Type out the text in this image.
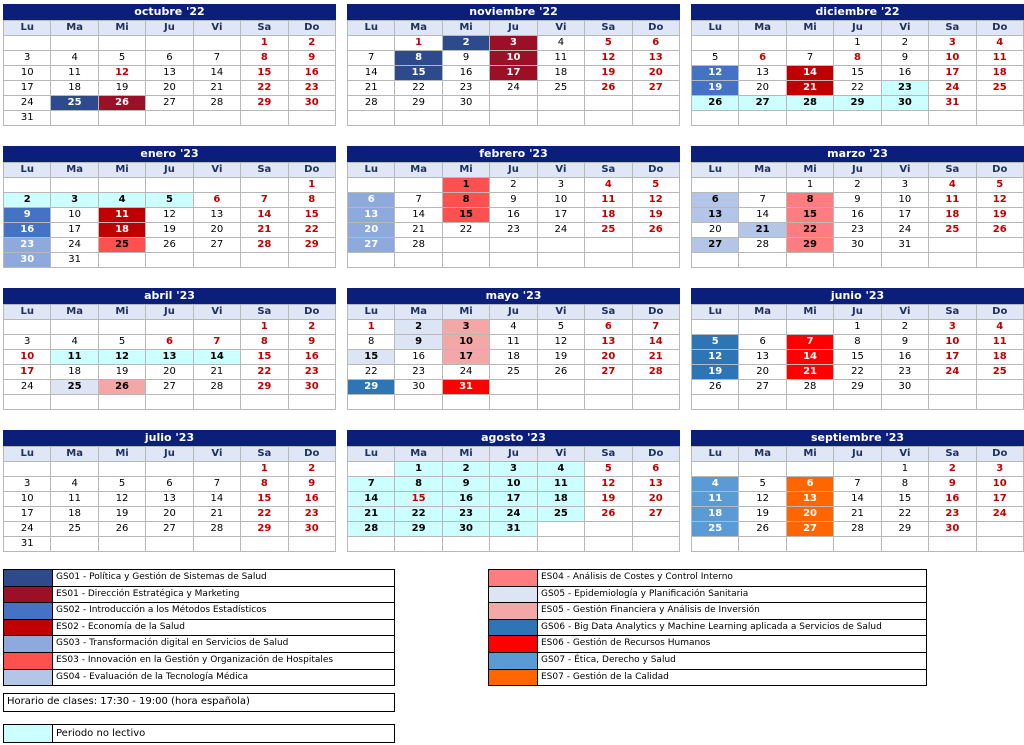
octubre '22
Lu	Ma	Mi	Ju	Vi	Sa	Do
					1	2
3	4	5	6	7	8	9
10	11	12	13	14	15	16
17	18	19	20	21	22	23
24	25	26	27	28	29	30
31						
noviembre '22
Lu	Ma	Mi	Ju	Vi	Sa	Do
	1	2	3	4	5	6
7	8	9	10	11	12	13
14	15	16	17	18	19	20
21	22	23	24	25	26	27
28	29	30				

diciembre '22
Lu	Ma	Mi	Ju	Vi	Sa	Do
			1	2	3	4
5	6	7	8	9	10	11
12	13	14	15	16	17	18
19	20	21	22	23	24	25
26	27	28	29	30	31	

enero '23
Lu	Ma	Mi	Ju	Vi	Sa	Do
						1
2	3	4	5	6	7	8
9	10	11	12	13	14	15
16	17	18	19	20	21	22
23	24	25	26	27	28	29
30	31					
febrero '23
Lu	Ma	Mi	Ju	Vi	Sa	Do
		1	2	3	4	5
6	7	8	9	10	11	12
13	14	15	16	17	18	19
20	21	22	23	24	25	26
27	28					

marzo '23
Lu	Ma	Mi	Ju	Vi	Sa	Do
		1	2	3	4	5
6	7	8	9	10	11	12
13	14	15	16	17	18	19
20	21	22	23	24	25	26
27	28	29	30	31		

abril '23
Lu	Ma	Mi	Ju	Vi	Sa	Do
					1	2
3	4	5	6	7	8	9
10	11	12	13	14	15	16
17	18	19	20	21	22	23
24	25	26	27	28	29	30

mayo '23
Lu	Ma	Mi	Ju	Vi	Sa	Do
1	2	3	4	5	6	7
8	9	10	11	12	13	14
15	16	17	18	19	20	21
22	23	24	25	26	27	28
29	30	31				

junio '23
Lu	Ma	Mi	Ju	Vi	Sa	Do
			1	2	3	4
5	6	7	8	9	10	11
12	13	14	15	16	17	18
19	20	21	22	23	24	25
26	27	28	29	30		

julio '23
Lu	Ma	Mi	Ju	Vi	Sa	Do
					1	2
3	4	5	6	7	8	9
10	11	12	13	14	15	16
17	18	19	20	21	22	23
24	25	26	27	28	29	30
31						
agosto '23
Lu	Ma	Mi	Ju	Vi	Sa	Do
	1	2	3	4	5	6
7	8	9	10	11	12	13
14	15	16	17	18	19	20
21	22	23	24	25	26	27
28	29	30	31			

septiembre '23
Lu	Ma	Mi	Ju	Vi	Sa	Do
				1	2	3
4	5	6	7	8	9	10
11	12	13	14	15	16	17
18	19	20	21	22	23	24
25	26	27	28	29	30	

GS01 - Política y Gestión de Sistemas de Salud
ES01 - Dirección Estratégica y Marketing
GS02 - Introducción a los Métodos Estadísticos
ES02 - Economía de la Salud
GS03 - Transformación digital en Servicios de Salud
ES03 - Innovación en la Gestión y Organización de Hospitales
GS04 - Evaluación de la Tecnología Médica
ES04 - Análisis de Costes y Control Interno
GS05 - Epidemiología y Planificación Sanitaria
ES05 - Gestión Financiera y Análisis de Inversión
GS06 - Big Data Analytics y Machine Learning aplicada a Servicios de Salud
ES06 - Gestión de Recursos Humanos
GS07 - Ética, Derecho y Salud
ES07 - Gestión de la Calidad
Horario de clases: 17:30 - 19:00 (hora española)
Periodo no lectivo
